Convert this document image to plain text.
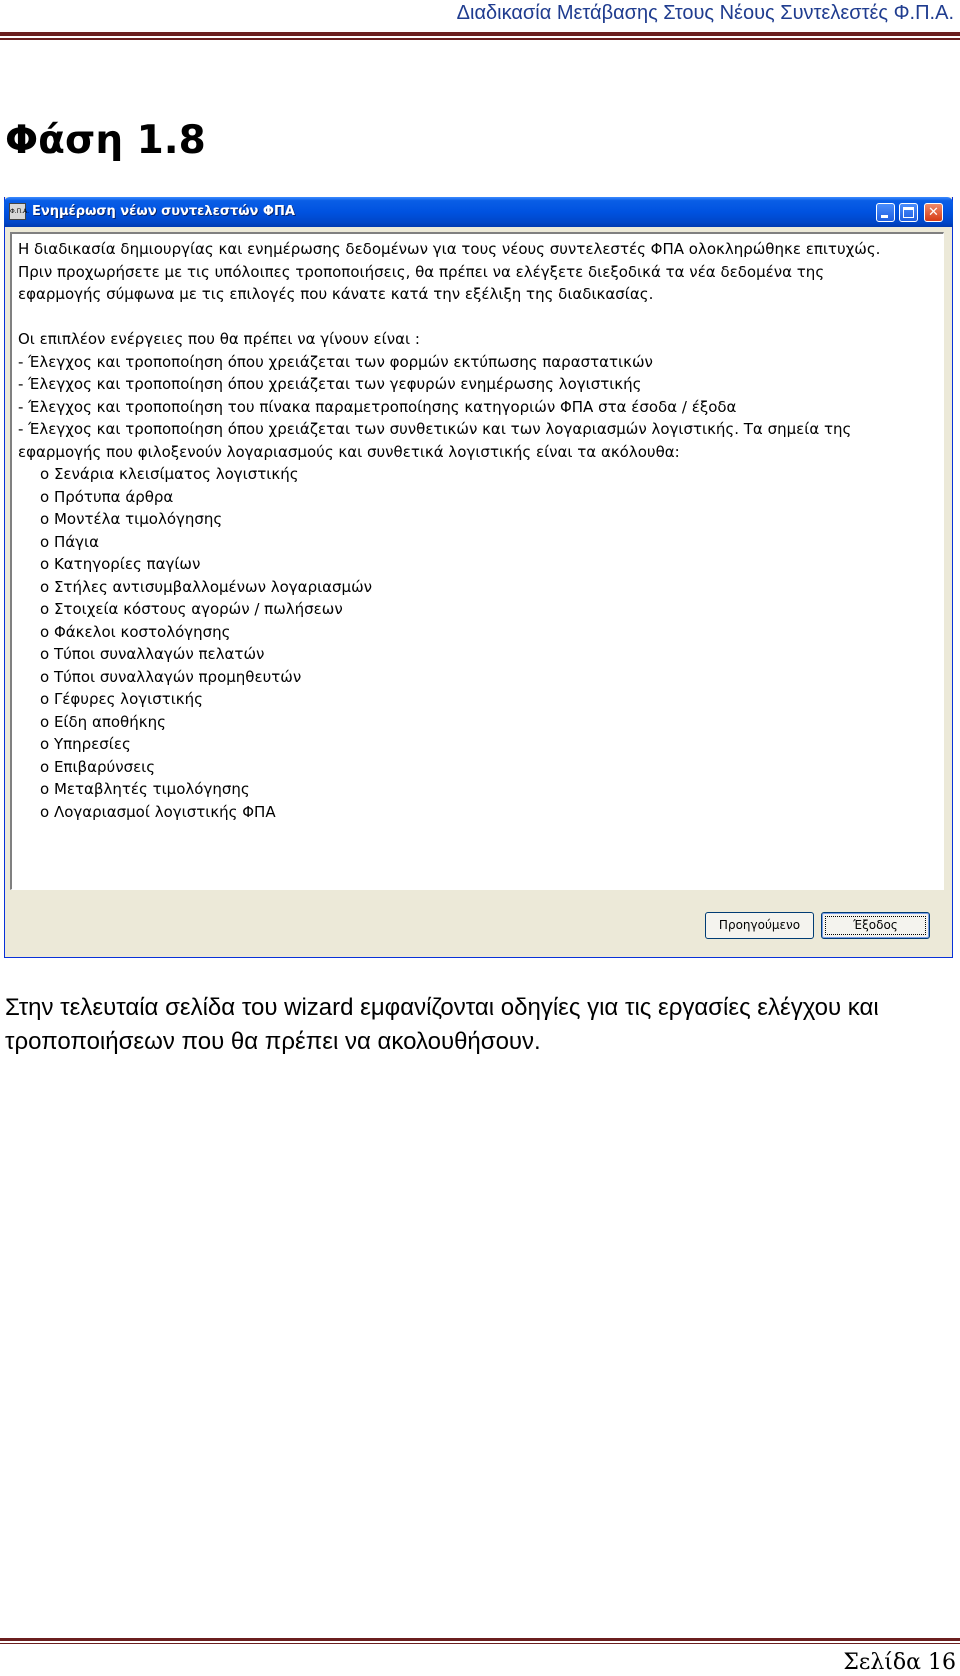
Διαδικασία Μετάβασης Στους Νέους Συντελεστές Φ.Π.Α.
Φάση 1.8
Φ.Π.Α. Ενημέρωση νέων συντελεστών ΦΠΑ	✕
Η διαδικασία δημιουργίας και ενημέρωσης δεδομένων για τους νέους συντελεστές ΦΠΑ ολοκληρώθηκε επιτυχώς.
Πριν προχωρήσετε με τις υπόλοιπες τροποποιήσεις, θα πρέπει να ελέγξετε διεξοδικά τα νέα δεδομένα της
εφαρμογής σύμφωνα με τις επιλογές που κάνατε κατά την εξέλιξη της διαδικασίας.
Οι επιπλέον ενέργειες που θα πρέπει να γίνουν είναι :
- Έλεγχος και τροποποίηση όπου χρειάζεται των φορμών εκτύπωσης παραστατικών
- Έλεγχος και τροποποίηση όπου χρειάζεται των γεφυρών ενημέρωσης λογιστικής
- Έλεγχος και τροποποίηση του πίνακα παραμετροποίησης κατηγοριών ΦΠΑ στα έσοδα / έξοδα
- Έλεγχος και τροποποίηση όπου χρειάζεται των συνθετικών και των λογαριασμών λογιστικής. Τα σημεία της
εφαρμογής που φιλοξενούν λογαριασμούς και συνθετικά λογιστικής είναι τα ακόλουθα:
o Σενάρια κλεισίματος λογιστικής
o Πρότυπα άρθρα
o Μοντέλα τιμολόγησης
o Πάγια
o Κατηγορίες παγίων
o Στήλες αντισυμβαλλομένων λογαριασμών
o Στοιχεία κόστους αγορών / πωλήσεων
o Φάκελοι κοστολόγησης
o Τύποι συναλλαγών πελατών
o Τύποι συναλλαγών προμηθευτών
o Γέφυρες λογιστικής
o Είδη αποθήκης
o Υπηρεσίες
o Επιβαρύνσεις
o Μεταβλητές τιμολόγησης
o Λογαριασμοί λογιστικής ΦΠΑ
Προηγούμενο	Έξοδος
Στην τελευταία σελίδα του wizard εμφανίζονται οδηγίες για τις εργασίες ελέγχου και τροποποιήσεων που θα πρέπει να ακολουθήσουν.
Σελίδα 16
